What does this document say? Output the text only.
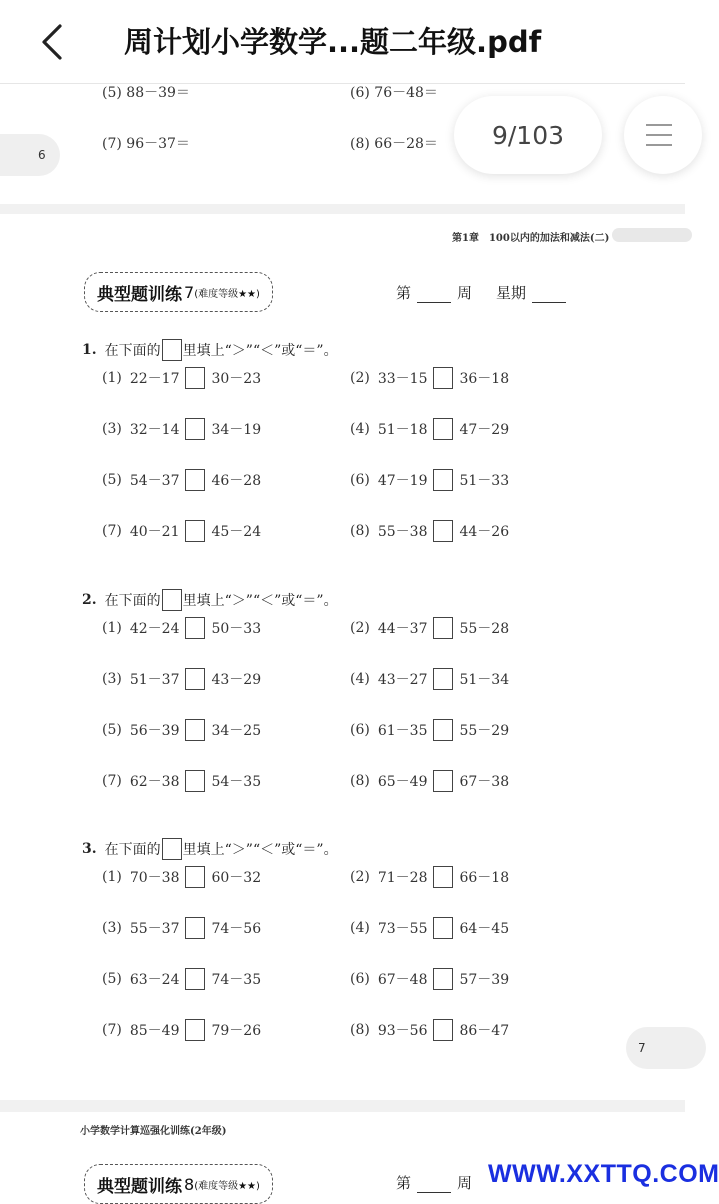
周计划小学数学...题二年级.pdf
(5) 88－39＝	(6) 76－48＝
(7) 96－37＝	(8) 66－28＝
6
第1章　100以内的加法和减法(二)
典型题训练 7 (难度等级★★)	第	周 星期
1. 在下面的 里填上“＞”“＜”或“＝”。
(1) 22－17 30－23	(2) 33－15 36－18
(3) 32－14 34－19	(4) 51－18 47－29
(5) 54－37 46－28	(6) 47－19 51－33
(7) 40－21 45－24	(8) 55－38 44－26
2. 在下面的 里填上“＞”“＜”或“＝”。
(1) 42－24 50－33	(2) 44－37 55－28
(3) 51－37 43－29	(4) 43－27 51－34
(5) 56－39 34－25	(6) 61－35 55－29
(7) 62－38 54－35	(8) 65－49 67－38
3. 在下面的 里填上“＞”“＜”或“＝”。
(1) 70－38 60－32	(2) 71－28 66－18
(3) 55－37 74－56	(4) 73－55 64－45
(5) 63－24 74－35	(6) 67－48 57－39
(7) 85－49 79－26	(8) 93－56 86－47
7
小学数学计算巡强化训练(2年级)
典型题训练 8 (难度等级★★)	第	周
9/103
WWW.XXTTQ.COM
